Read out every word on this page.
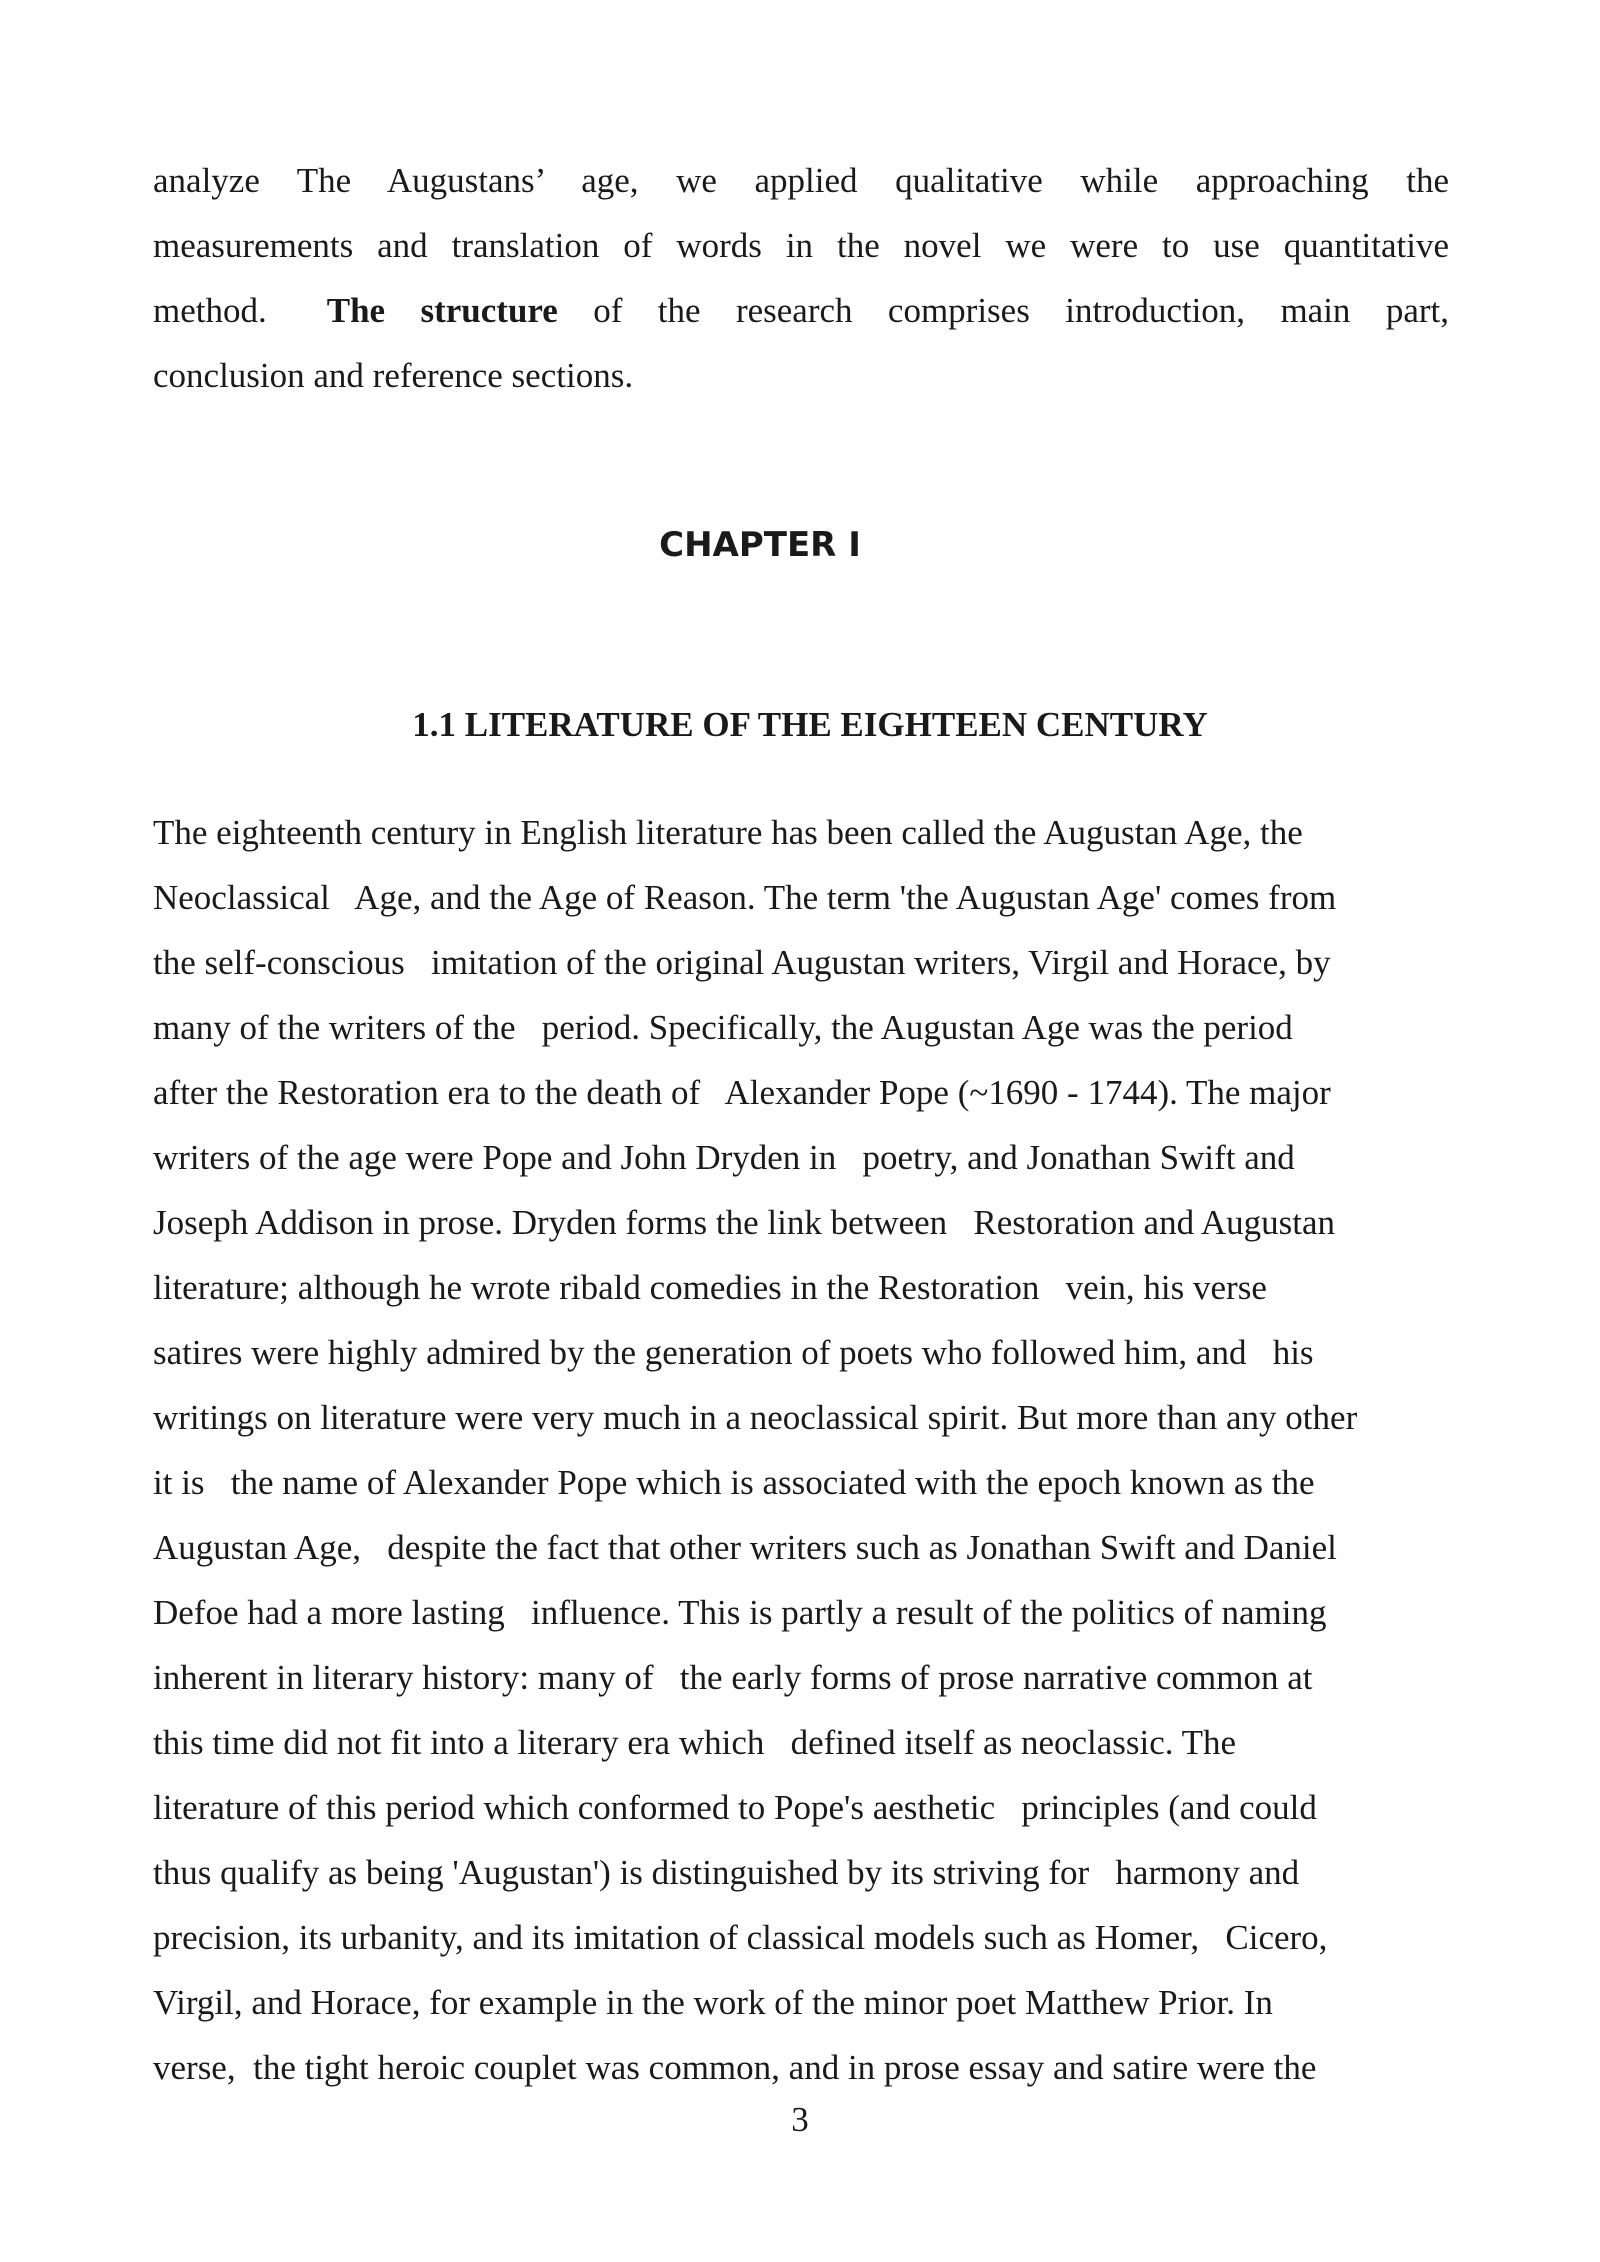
analyze The Augustans’ age, we applied qualitative while approaching the
measurements and translation of words in the novel we were to use quantitative
method. The structure of the research comprises introduction, main part,
conclusion and reference sections.
CHAPTER I
1.1 LITERATURE OF THE EIGHTEEN CENTURY
The eighteenth century in English literature has been called the Augustan Age, the
Neoclassical   Age, and the Age of Reason. The term 'the Augustan Age' comes from
the self-conscious   imitation of the original Augustan writers, Virgil and Horace, by
many of the writers of the   period. Specifically, the Augustan Age was the period
after the Restoration era to the death of   Alexander Pope (~1690 - 1744). The major
writers of the age were Pope and John Dryden in   poetry, and Jonathan Swift and
Joseph Addison in prose. Dryden forms the link between   Restoration and Augustan
literature; although he wrote ribald comedies in the Restoration   vein, his verse
satires were highly admired by the generation of poets who followed him, and   his
writings on literature were very much in a neoclassical spirit. But more than any other
it is   the name of Alexander Pope which is associated with the epoch known as the
Augustan Age,   despite the fact that other writers such as Jonathan Swift and Daniel
Defoe had a more lasting   influence. This is partly a result of the politics of naming
inherent in literary history: many of   the early forms of prose narrative common at
this time did not fit into a literary era which   defined itself as neoclassic. The
literature of this period which conformed to Pope's aesthetic   principles (and could
thus qualify as being 'Augustan') is distinguished by its striving for   harmony and
precision, its urbanity, and its imitation of classical models such as Homer,   Cicero,
Virgil, and Horace, for example in the work of the minor poet Matthew Prior. In
verse,  the tight heroic couplet was common, and in prose essay and satire were the
3
